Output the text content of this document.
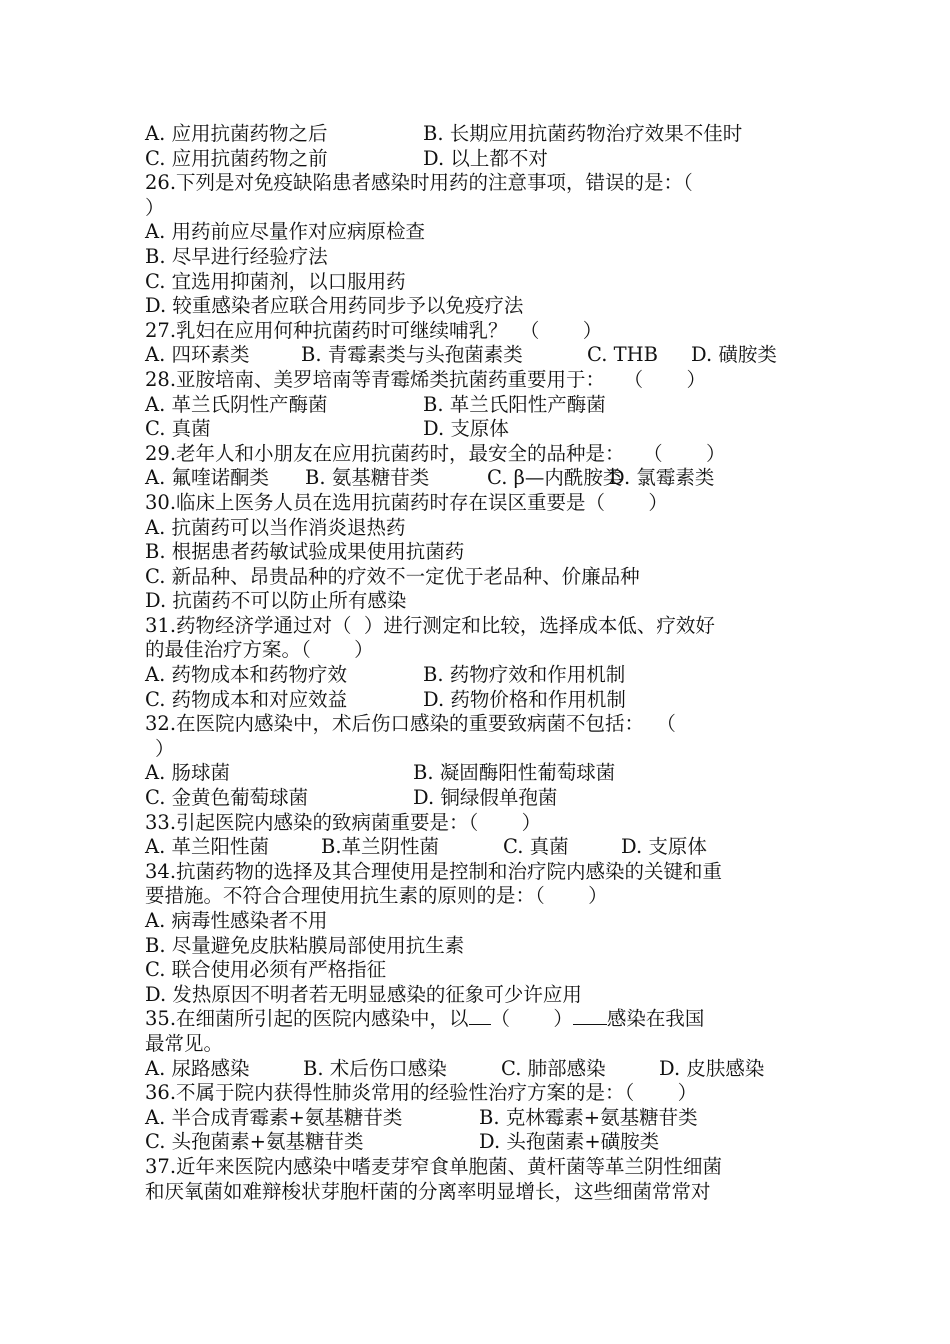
A. 应用抗菌药物之后	B. 长期应用抗菌药物治疗效果不佳时
C. 应用抗菌药物之前	D. 以上都不对
26.下列是对免疫缺陷患者感染时用药的注意事项，错误的是：（
）
A. 用药前应尽量作对应病原检查
B. 尽早进行经验疗法
C. 宜选用抑菌剂，以口服用药
D. 较重感染者应联合用药同步予以免疫疗法
27.乳妇在应用何种抗菌药时可继续哺乳？  （       ）
A. 四环素类	B. 青霉素类与头孢菌素类	C. THB D. 磺胺类
28.亚胺培南、美罗培南等青霉烯类抗菌药重要用于：   （       ）
A. 革兰氏阴性产酶菌	B. 革兰氏阳性产酶菌
C. 真菌	D. 支原体
29.老年人和小朋友在应用抗菌药时，最安全的品种是：   （       ）
A. 氟喹诺酮类 B. 氨基糖苷类	C. β—内酰胺类D. 氯霉素类
30.临床上医务人员在选用抗菌药时存在误区重要是（       ）
A. 抗菌药可以当作消炎退热药
B. 根据患者药敏试验成果使用抗菌药
C. 新品种、昂贵品种的疗效不一定优于老品种、价廉品种
D. 抗菌药不可以防止所有感染
31.药物经济学通过对（  ）进行测定和比较，选择成本低、疗效好
的最佳治疗方案。（       ）
A. 药物成本和药物疗效	B. 药物疗效和作用机制
C. 药物成本和对应效益	D. 药物价格和作用机制
32.在医院内感染中，术后伤口感染的重要致病菌不包括：  （
）
A. 肠球菌	B. 凝固酶阳性葡萄球菌
C. 金黄色葡萄球菌	D. 铜绿假单孢菌
33.引起医院内感染的致病菌重要是：（       ）
A. 革兰阳性菌	B.革兰阴性菌	C. 真菌	D. 支原体
34.抗菌药物的选择及其合理使用是控制和治疗院内感染的关键和重
要措施。不符合合理使用抗生素的原则的是：（       ）
A. 病毒性感染者不用
B. 尽量避免皮肤粘膜局部使用抗生素
C. 联合使用必须有严格指征
D. 发热原因不明者若无明显感染的征象可少许应用
35.在细菌所引起的医院内感染中，以 （       ） 感染在我国
最常见。
A. 尿路感染	B. 术后伤口感染	C. 肺部感染	D. 皮肤感染
36.不属于院内获得性肺炎常用的经验性治疗方案的是：（       ）
A. 半合成青霉素+氨基糖苷类	B. 克林霉素+氨基糖苷类
C. 头孢菌素+氨基糖苷类	D. 头孢菌素+磺胺类
37.近年来医院内感染中嗜麦芽窄食单胞菌、黄杆菌等革兰阴性细菌
和厌氧菌如难辩梭状芽胞杆菌的分离率明显增长，这些细菌常常对
